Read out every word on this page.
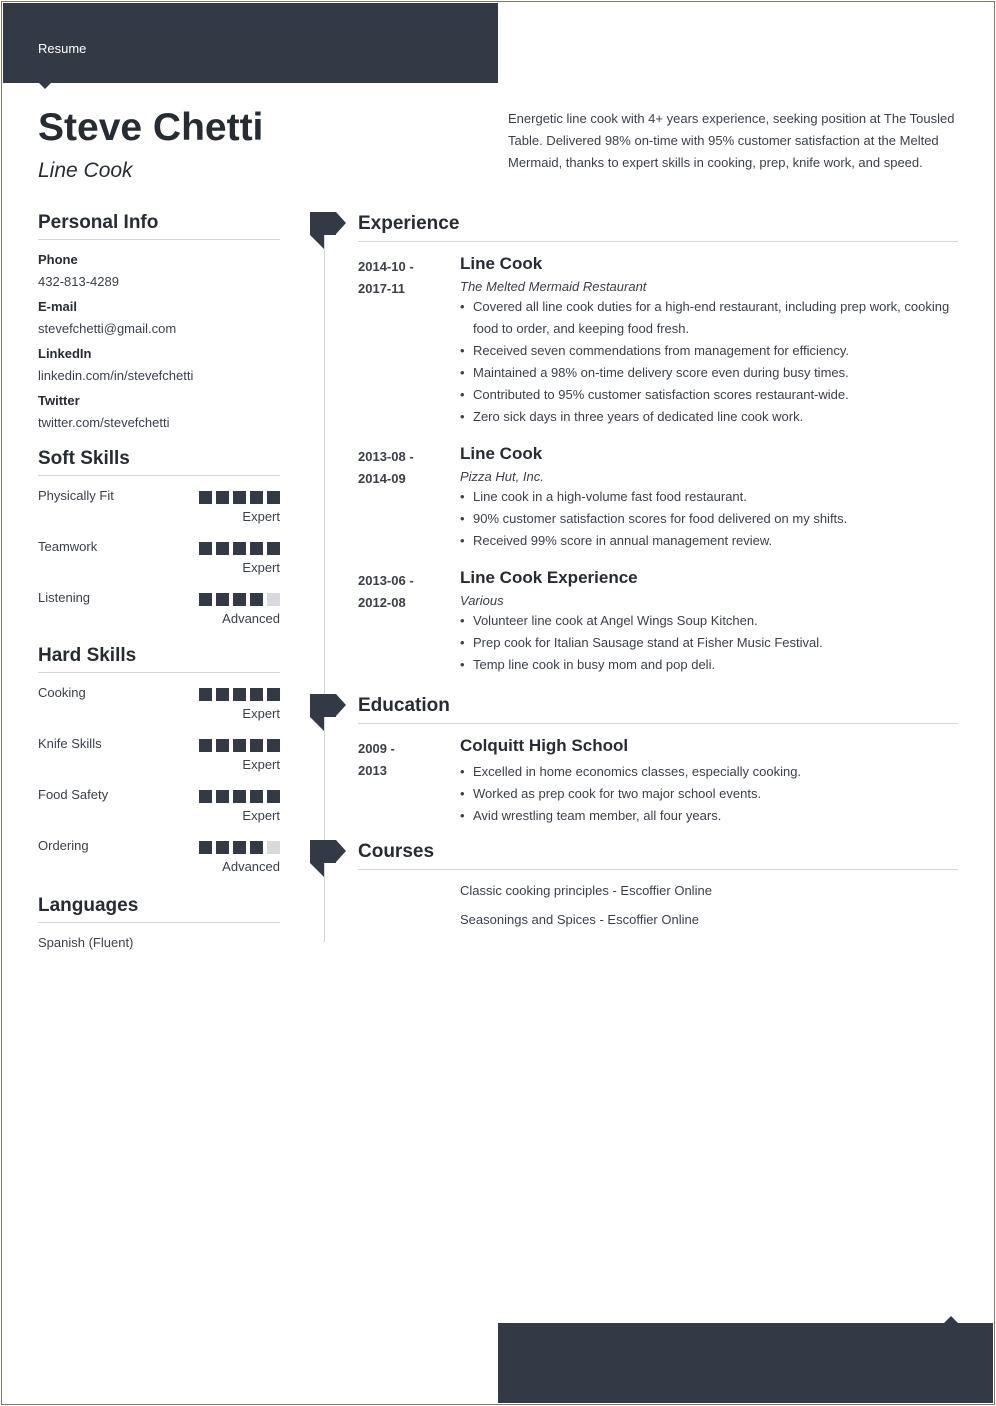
Resume
Steve Chetti
Line Cook

Energetic line cook with 4+ years experience, seeking position at The Tousled Table. Delivered 98% on-time with 95% customer satisfaction at the Melted Mermaid, thanks to expert skills in cooking, prep, knife work, and speed.

Personal Info
Phone
432-813-4289
E-mail
stevefchetti@gmail.com
LinkedIn
linkedin.com/in/stevefchetti
Twitter
twitter.com/stevefchetti
Soft Skills
Physically Fit
Expert
Teamwork
Expert
Listening
Advanced
Hard Skills
Cooking
Expert
Knife Skills
Expert
Food Safety
Expert
Ordering
Advanced
Languages
Spanish (Fluent)
Experience
2014-10 -
2017-11
Line Cook
The Melted Mermaid Restaurant
• Covered all line cook duties for a high-end restaurant, including prep work, cooking food to order, and keeping food fresh.
• Received seven commendations from management for efficiency.
• Maintained a 98% on-time delivery score even during busy times.
• Contributed to 95% customer satisfaction scores restaurant-wide.
• Zero sick days in three years of dedicated line cook work.
2013-08 -
2014-09
Line Cook
Pizza Hut, Inc.
• Line cook in a high-volume fast food restaurant.
• 90% customer satisfaction scores for food delivered on my shifts.
• Received 99% score in annual management review.
2013-06 -
2012-08
Line Cook Experience
Various
• Volunteer line cook at Angel Wings Soup Kitchen.
• Prep cook for Italian Sausage stand at Fisher Music Festival.
• Temp line cook in busy mom and pop deli.
Education
2009 -
2013
Colquitt High School
• Excelled in home economics classes, especially cooking.
• Worked as prep cook for two major school events.
• Avid wrestling team member, all four years.
Courses
Classic cooking principles - Escoffier Online
Seasonings and Spices - Escoffier Online
